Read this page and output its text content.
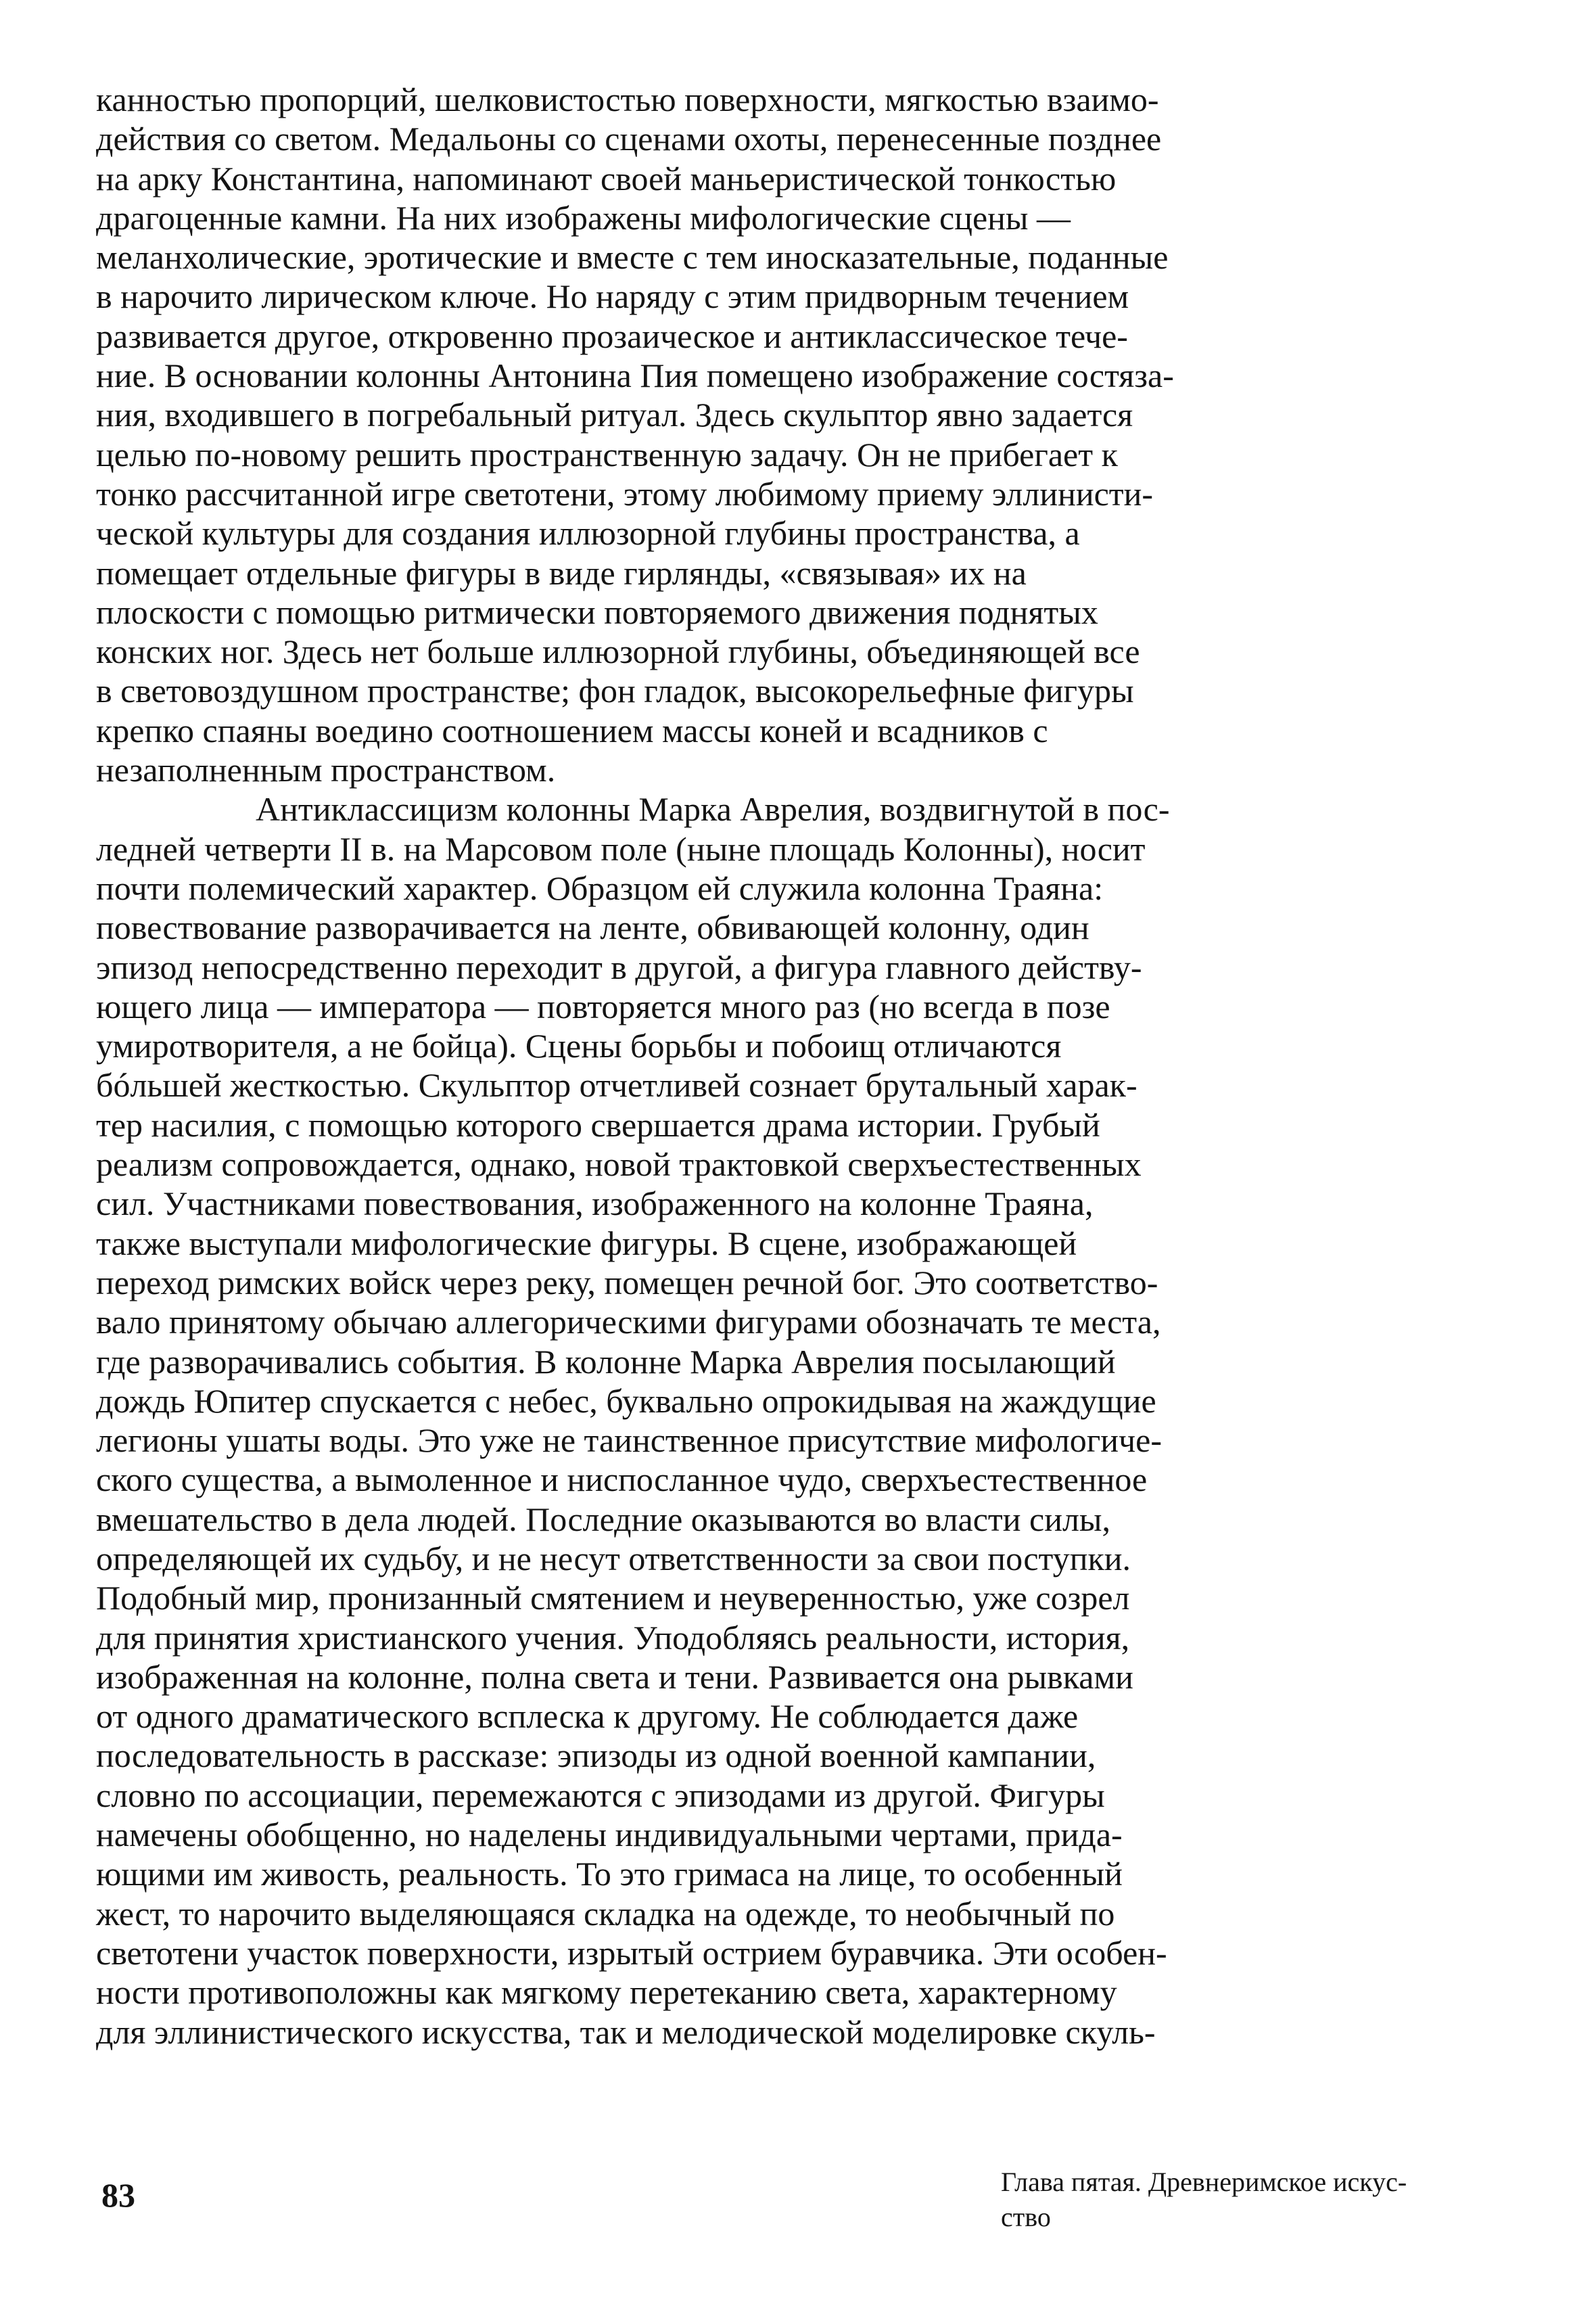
канностью пропорций, шелковистостью поверхности, мягкостью взаимо-
действия со светом. Медальоны со сценами охоты, перенесенные позднее
на арку Константина, напоминают своей маньеристической тонкостью
драгоценные камни. На них изображены мифологические сцены —
меланхолические, эротические и вместе с тем иносказательные, поданные
в нарочито лирическом ключе. Но наряду с этим придворным течением
развивается другое, откровенно прозаическое и антиклассическое тече-
ние. В основании колонны Антонина Пия помещено изображение состяза-
ния, входившего в погребальный ритуал. Здесь скульптор явно задается
целью по-новому решить пространственную задачу. Он не прибегает к
тонко рассчитанной игре светотени, этому любимому приему эллинисти-
ческой культуры для создания иллюзорной глубины пространства, а
помещает отдельные фигуры в виде гирлянды, «связывая» их на
плоскости с помощью ритмически повторяемого движения поднятых
конских ног. Здесь нет больше иллюзорной глубины, объединяющей все
в световоздушном пространстве; фон гладок, высокорельефные фигуры
крепко спаяны воедино соотношением массы коней и всадников с
незаполненным пространством.
Антиклассицизм колонны Марка Аврелия, воздвигнутой в пос-
ледней четверти II в. на Марсовом поле (ныне площадь Колонны), носит
почти полемический характер. Образцом ей служила колонна Траяна:
повествование разворачивается на ленте, обвивающей колонну, один
эпизод непосредственно переходит в другой, а фигура главного действу-
ющего лица — императора — повторяется много раз (но всегда в позе
умиротворителя, а не бойца). Сцены борьбы и побоищ отличаются
бóльшей жесткостью. Скульптор отчетливей сознает брутальный харак-
тер насилия, с помощью которого свершается драма истории. Грубый
реализм сопровождается, однако, новой трактовкой сверхъестественных
сил. Участниками повествования, изображенного на колонне Траяна,
также выступали мифологические фигуры. В сцене, изображающей
переход римских войск через реку, помещен речной бог. Это соответство-
вало принятому обычаю аллегорическими фигурами обозначать те места,
где разворачивались события. В колонне Марка Аврелия посылающий
дождь Юпитер спускается с небес, буквально опрокидывая на жаждущие
легионы ушаты воды. Это уже не таинственное присутствие мифологиче-
ского существа, а вымоленное и ниспосланное чудо, сверхъестественное
вмешательство в дела людей. Последние оказываются во власти силы,
определяющей их судьбу, и не несут ответственности за свои поступки.
Подобный мир, пронизанный смятением и неуверенностью, уже созрел
для принятия христианского учения. Уподобляясь реальности, история,
изображенная на колонне, полна света и тени. Развивается она рывками
от одного драматического всплеска к другому. Не соблюдается даже
последовательность в рассказе: эпизоды из одной военной кампании,
словно по ассоциации, перемежаются с эпизодами из другой. Фигуры
намечены обобщенно, но наделены индивидуальными чертами, прида-
ющими им живость, реальность. То это гримаса на лице, то особенный
жест, то нарочито выделяющаяся складка на одежде, то необычный по
светотени участок поверхности, изрытый острием буравчика. Эти особен-
ности противоположны как мягкому перетеканию света, характерному
для эллинистического искусства, так и мелодической моделировке скуль-
83	Глава пятая. Древнеримское искус-
ство
